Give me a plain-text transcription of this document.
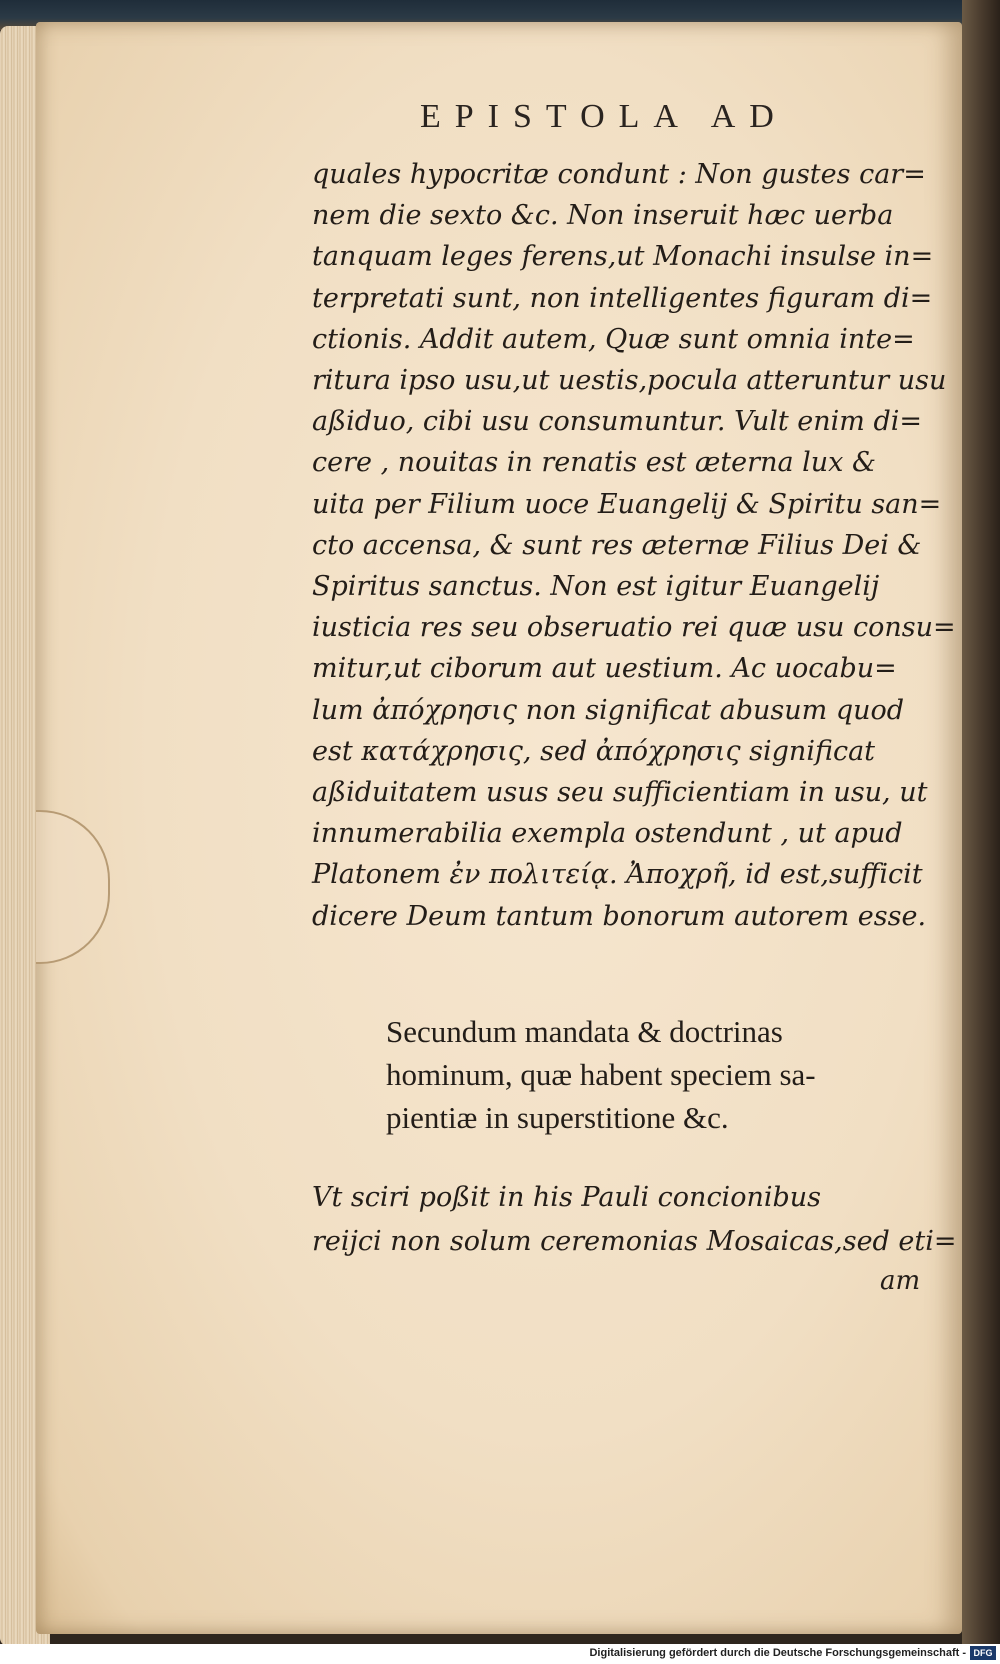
EPISTOLA AD
quales hypocritæ condunt : Non gustes car=
nem die sexto &c. Non inseruit hæc uerba
tanquam leges ferens,ut Monachi insulse in=
terpretati sunt, non intelligentes figuram di=
ctionis. Addit autem, Quæ sunt omnia inte=
ritura ipso usu,ut uestis,pocula atteruntur usu
aßiduo, cibi usu consumuntur. Vult enim di=
cere , nouitas in renatis est æterna lux &
uita per Filium uoce Euangelij & Spiritu san=
cto accensa, & sunt res æternæ Filius Dei &
Spiritus sanctus. Non est igitur Euangelij
iusticia res seu obseruatio rei quæ usu consu=
mitur,ut ciborum aut uestium. Ac uocabu=
lum ἀπόχρησις non significat abusum quod
est κατάχρησις, sed ἀπόχρησις significat
aßiduitatem usus seu sufficientiam in usu, ut
innumerabilia exempla ostendunt , ut apud
Platonem ἐν πολιτείᾳ. Ἀποχρῆ, id est,sufficit
dicere Deum tantum bonorum autorem esse.
Secundum mandata & doctrinas
hominum, quæ habent speciem sa-
pientiæ in superstitione &c.
Vt sciri poßit in his Pauli concionibus
reijci non solum ceremonias Mosaicas,sed eti=
am
Digitalisierung gefördert durch die Deutsche Forschungsgemeinschaft - DFG
